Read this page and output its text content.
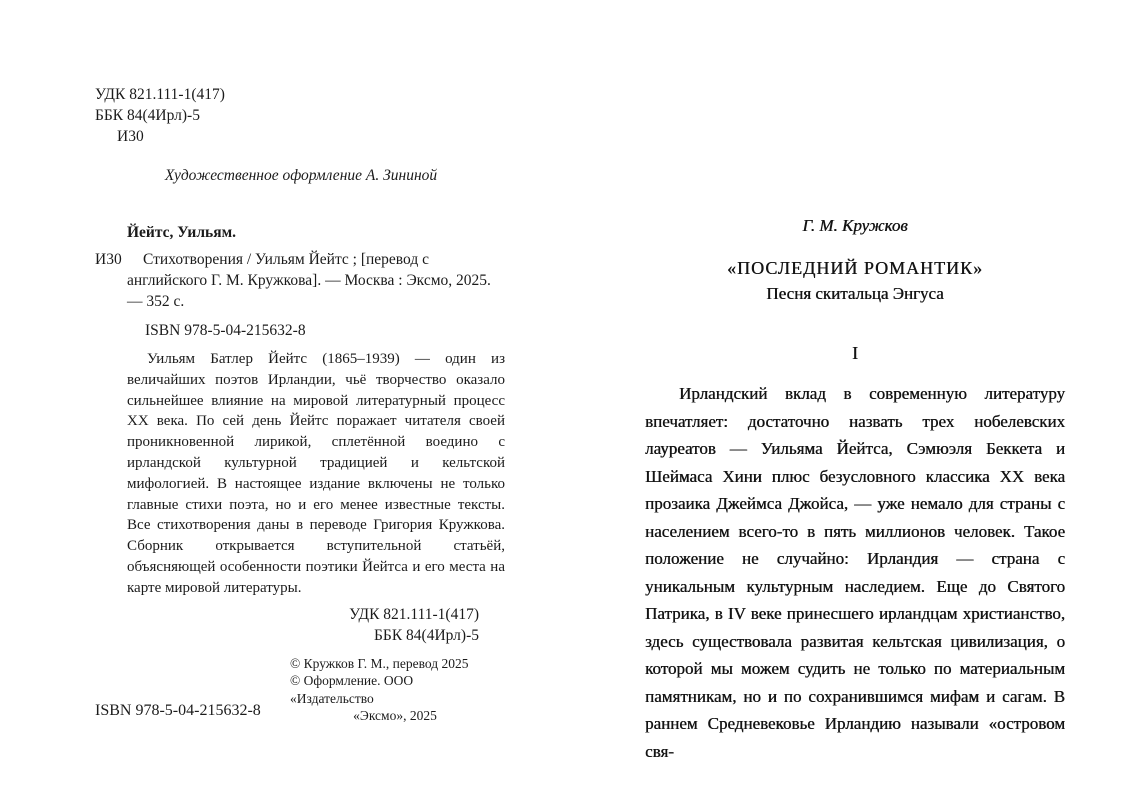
УДК 821.111-1(417)
ББК 84(4Ирл)-5
И30
Художественное оформление А. Зининой
Йейтс, Уильям.
И30	Стихотворения / Уильям Йейтс ; [перевод с английского Г. М. Кружкова]. — Москва : Эксмо, 2025. — 352 с.

ISBN 978-5-04-215632-8

Уильям Батлер Йейтс (1865–1939) — один из величайших поэтов Ирландии, чьё творчество оказало сильнейшее влияние на мировой литературный процесс XX века. По сей день Йейтс поражает читателя своей проникновенной лирикой, сплетённой воедино с ирландской культурной традицией и кельтской мифологией. В настоящее издание включены не только главные стихи поэта, но и его менее известные тексты. Все стихотворения даны в переводе Григория Кружкова. Сборник открывается вступительной статьёй, объясняющей особенности поэтики Йейтса и его места на карте мировой литературы.

УДК 821.111-1(417)
ББК 84(4Ирл)-5
© Кружков Г. М., перевод 2025
© Оформление. ООО «Издательство
«Эксмо», 2025
ISBN 978-5-04-215632-8
Г. М. Кружков
«ПОСЛЕДНИЙ РОМАНТИК»
Песня скитальца Энгуса
I

Ирландский вклад в современную литературу впечатляет: достаточно назвать трех нобелевских лауреатов — Уильяма Йейтса, Сэмюэля Беккета и Шеймаса Хини плюс безусловного классика XX века прозаика Джеймса Джойса, — уже немало для страны с населением всего-то в пять миллионов человек. Такое положение не случайно: Ирландия — страна с уникальным культурным наследием. Еще до Святого Патрика, в IV веке принесшего ирландцам христианство, здесь существовала развитая кельтская цивилизация, о которой мы можем судить не только по материальным памятникам, но и по сохранившимся мифам и сагам. В раннем Средневековье Ирландию называли «островом свя-
